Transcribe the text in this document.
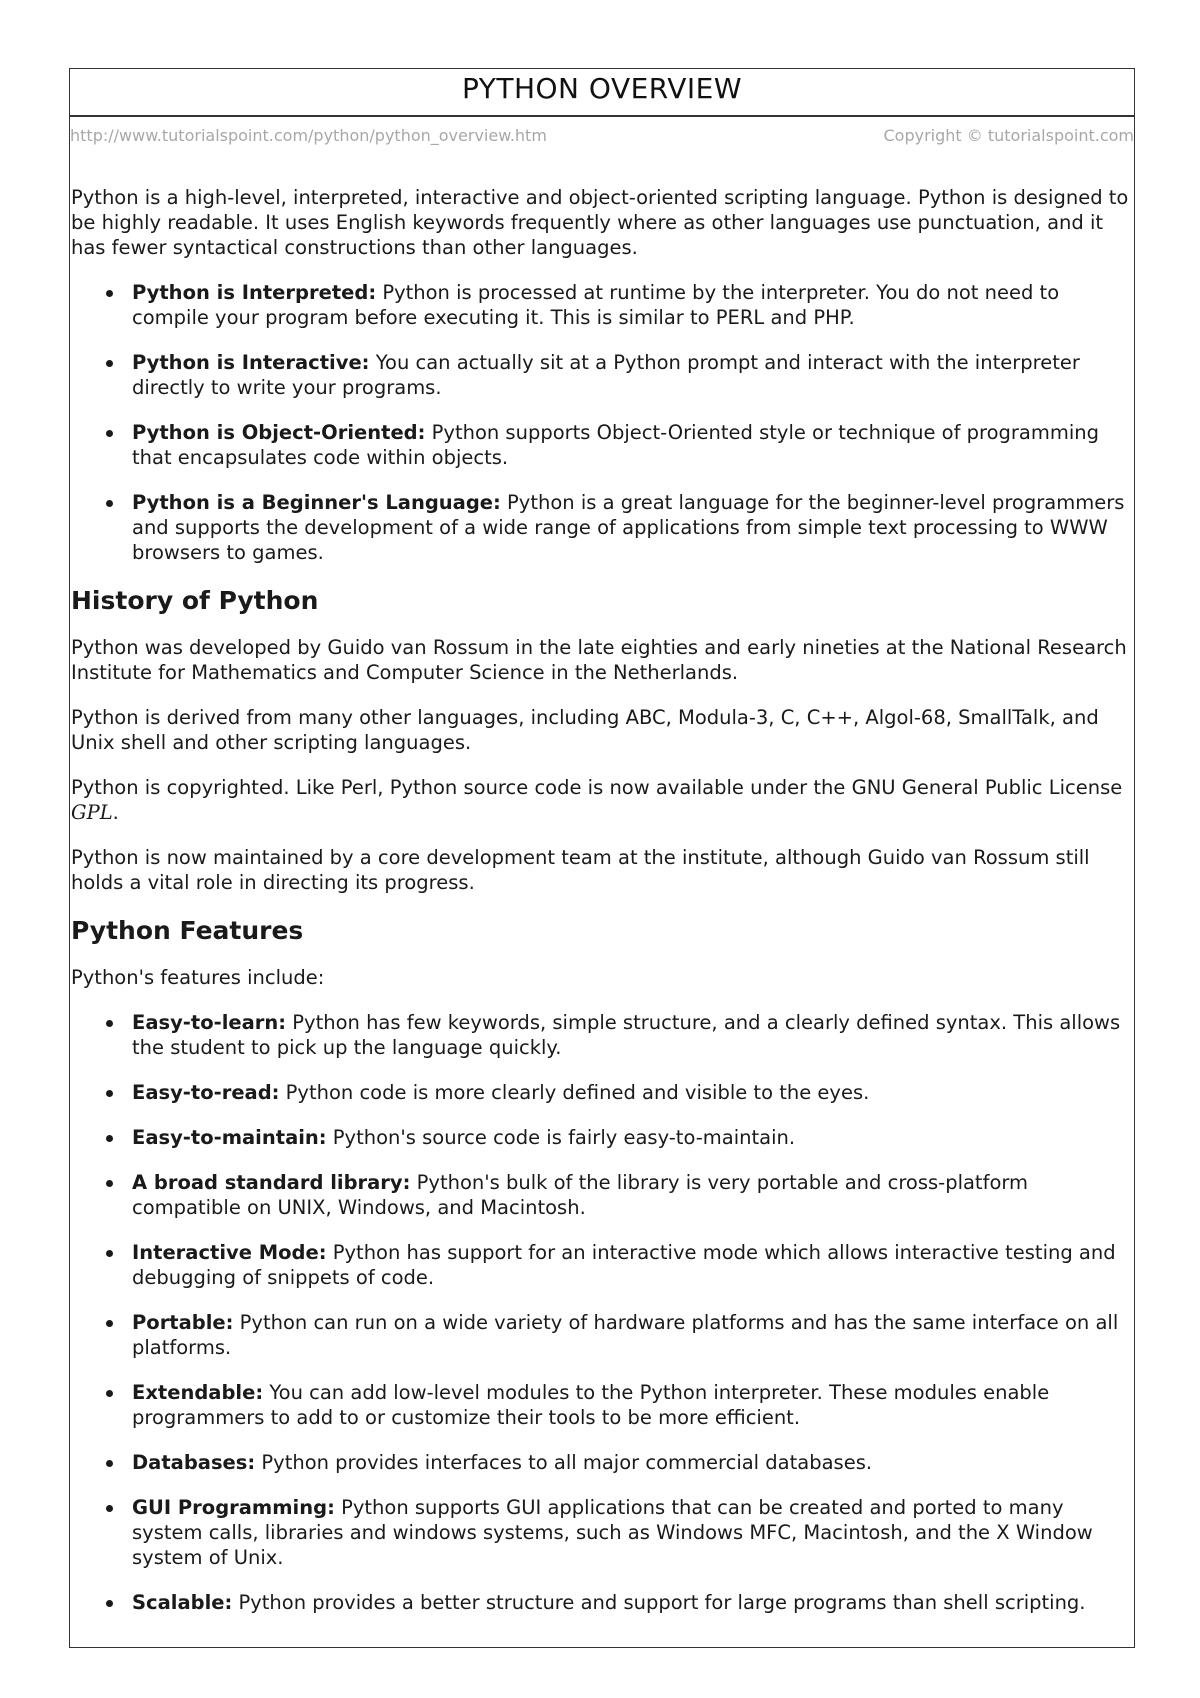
PYTHON OVERVIEW
http://www.tutorialspoint.com/python/python_overview.htm	Copyright © tutorialspoint.com

Python is a high-level, interpreted, interactive and object-oriented scripting language. Python is designed to be highly readable. It uses English keywords frequently where as other languages use punctuation, and it has fewer syntactical constructions than other languages.

Python is Interpreted: Python is processed at runtime by the interpreter. You do not need to compile your program before executing it. This is similar to PERL and PHP.
Python is Interactive: You can actually sit at a Python prompt and interact with the interpreter directly to write your programs.
Python is Object-Oriented: Python supports Object-Oriented style or technique of programming that encapsulates code within objects.
Python is a Beginner's Language: Python is a great language for the beginner-level programmers and supports the development of a wide range of applications from simple text processing to WWW browsers to games.
History of Python

Python was developed by Guido van Rossum in the late eighties and early nineties at the National Research Institute for Mathematics and Computer Science in the Netherlands.

Python is derived from many other languages, including ABC, Modula-3, C, C++, Algol-68, SmallTalk, and Unix shell and other scripting languages.

Python is copyrighted. Like Perl, Python source code is now available under the GNU General Public License GPL.

Python is now maintained by a core development team at the institute, although Guido van Rossum still holds a vital role in directing its progress.

Python Features

Python's features include:

Easy-to-learn: Python has few keywords, simple structure, and a clearly defined syntax. This allows the student to pick up the language quickly.
Easy-to-read: Python code is more clearly defined and visible to the eyes.
Easy-to-maintain: Python's source code is fairly easy-to-maintain.
A broad standard library: Python's bulk of the library is very portable and cross-platform compatible on UNIX, Windows, and Macintosh.
Interactive Mode: Python has support for an interactive mode which allows interactive testing and debugging of snippets of code.
Portable: Python can run on a wide variety of hardware platforms and has the same interface on all platforms.
Extendable: You can add low-level modules to the Python interpreter. These modules enable programmers to add to or customize their tools to be more efficient.
Databases: Python provides interfaces to all major commercial databases.
GUI Programming: Python supports GUI applications that can be created and ported to many system calls, libraries and windows systems, such as Windows MFC, Macintosh, and the X Window system of Unix.
Scalable: Python provides a better structure and support for large programs than shell scripting.
